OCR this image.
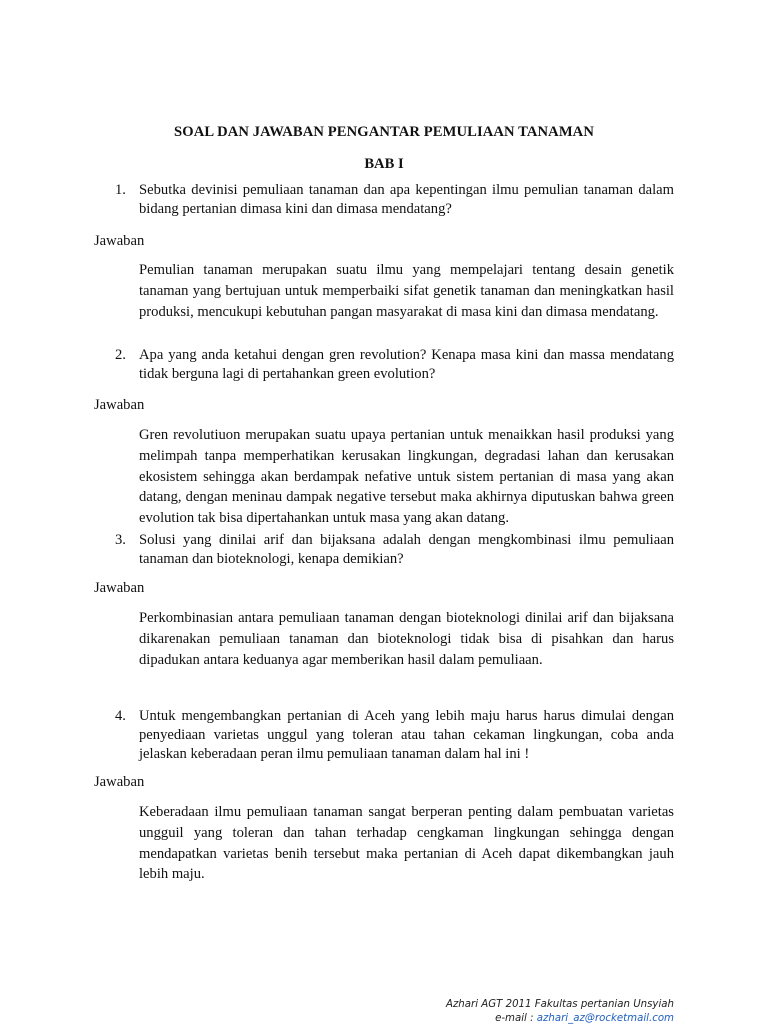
SOAL DAN JAWABAN PENGANTAR PEMULIAAN TANAMAN
BAB I
1. Sebutka devinisi pemuliaan tanaman dan apa kepentingan ilmu pemulian tanaman dalam bidang pertanian dimasa kini dan dimasa mendatang?
Jawaban
Pemulian tanaman merupakan suatu ilmu yang mempelajari tentang desain genetik tanaman yang bertujuan untuk memperbaiki sifat genetik tanaman dan meningkatkan hasil produksi, mencukupi kebutuhan pangan masyarakat di masa kini dan dimasa mendatang.
2. Apa yang anda ketahui dengan gren revolution? Kenapa masa kini dan massa mendatang tidak berguna lagi di pertahankan green evolution?
Jawaban
Gren revolutiuon merupakan suatu upaya pertanian untuk menaikkan hasil produksi yang melimpah tanpa memperhatikan kerusakan lingkungan, degradasi lahan dan kerusakan ekosistem sehingga akan berdampak nefative untuk sistem pertanian di masa yang akan datang, dengan meninau dampak negative tersebut maka akhirnya diputuskan bahwa green evolution tak bisa dipertahankan untuk masa yang akan datang.
3. Solusi yang dinilai arif dan bijaksana adalah dengan mengkombinasi ilmu pemuliaan tanaman dan bioteknologi, kenapa demikian?
Jawaban
Perkombinasian antara pemuliaan tanaman dengan bioteknologi dinilai arif dan bijaksana dikarenakan pemuliaan tanaman dan bioteknologi tidak bisa di pisahkan dan harus dipadukan antara keduanya agar memberikan hasil dalam pemuliaan.
4. Untuk mengembangkan pertanian di Aceh yang lebih maju harus harus dimulai dengan penyediaan varietas unggul yang toleran atau tahan cekaman lingkungan, coba anda jelaskan keberadaan peran ilmu pemuliaan tanaman dalam hal ini !
Jawaban
Keberadaan ilmu pemuliaan tanaman sangat berperan penting dalam pembuatan varietas ungguil yang toleran dan tahan terhadap cengkaman lingkungan sehingga dengan mendapatkan varietas benih tersebut maka pertanian di Aceh dapat dikembangkan jauh lebih maju.
Azhari AGT 2011 Fakultas pertanian Unsyiah
e-mail : azhari_az@rocketmail.com
